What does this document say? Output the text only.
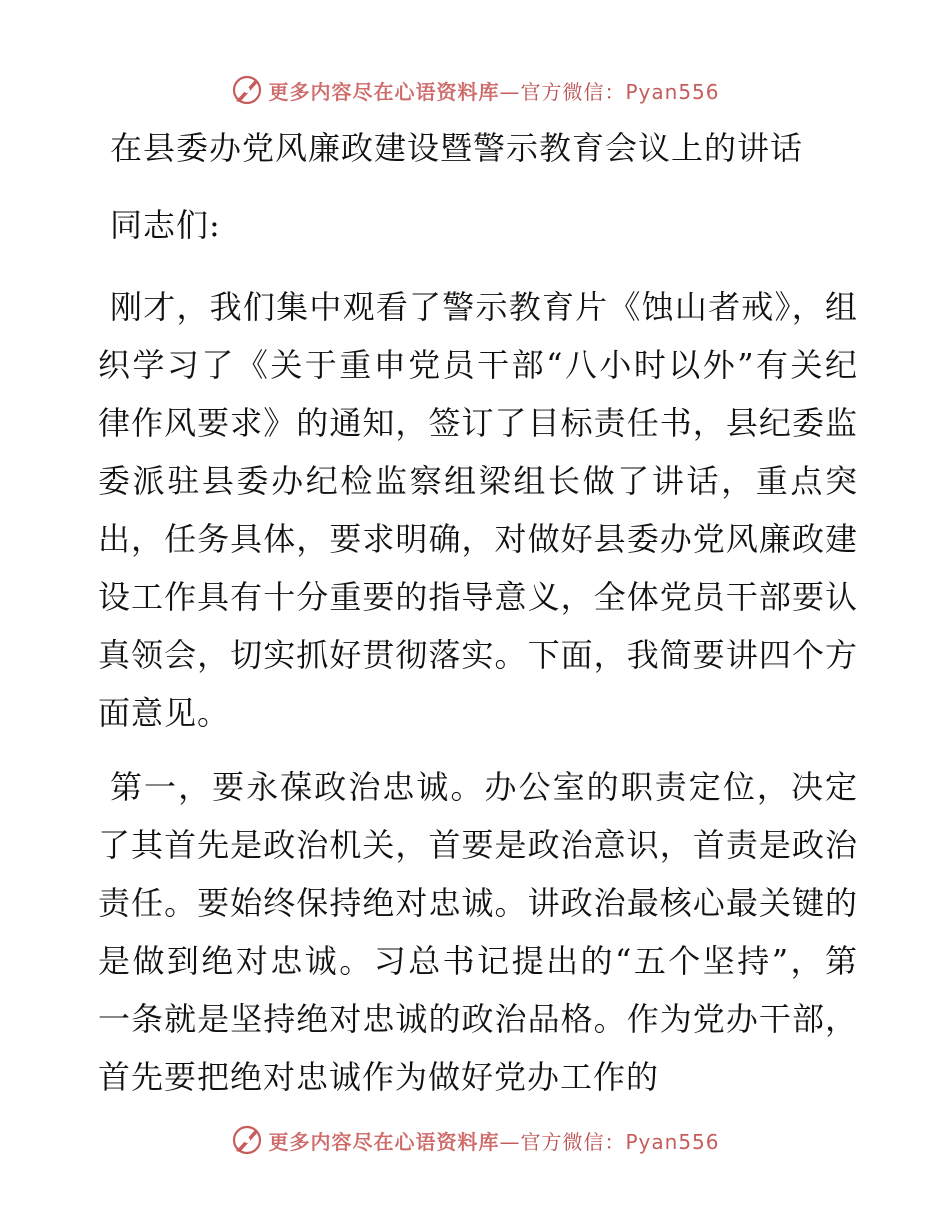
更多内容尽在心语资料库—官方微信：Pyan556
在县委办党风廉政建设暨警示教育会议上的讲话

同志们:

刚才，我们集中观看了警示教育片《蚀山者戒》，组织学习了《关于重申党员干部“八小时以外”有关纪律作风要求》的通知，签订了目标责任书，县纪委监委派驻县委办纪检监察组梁组长做了讲话，重点突出，任务具体，要求明确，对做好县委办党风廉政建设工作具有十分重要的指导意义，全体党员干部要认真领会，切实抓好贯彻落实。下面，我简要讲四个方面意见。

第一，要永葆政治忠诚。办公室的职责定位，决定了其首先是政治机关，首要是政治意识，首责是政治责任。要始终保持绝对忠诚。讲政治最核心最关键的是做到绝对忠诚。习总书记提出的“五个坚持”，第一条就是坚持绝对忠诚的政治品格。作为党办干部，首先要把绝对忠诚作为做好党办工作的

更多内容尽在心语资料库—官方微信：Pyan556
